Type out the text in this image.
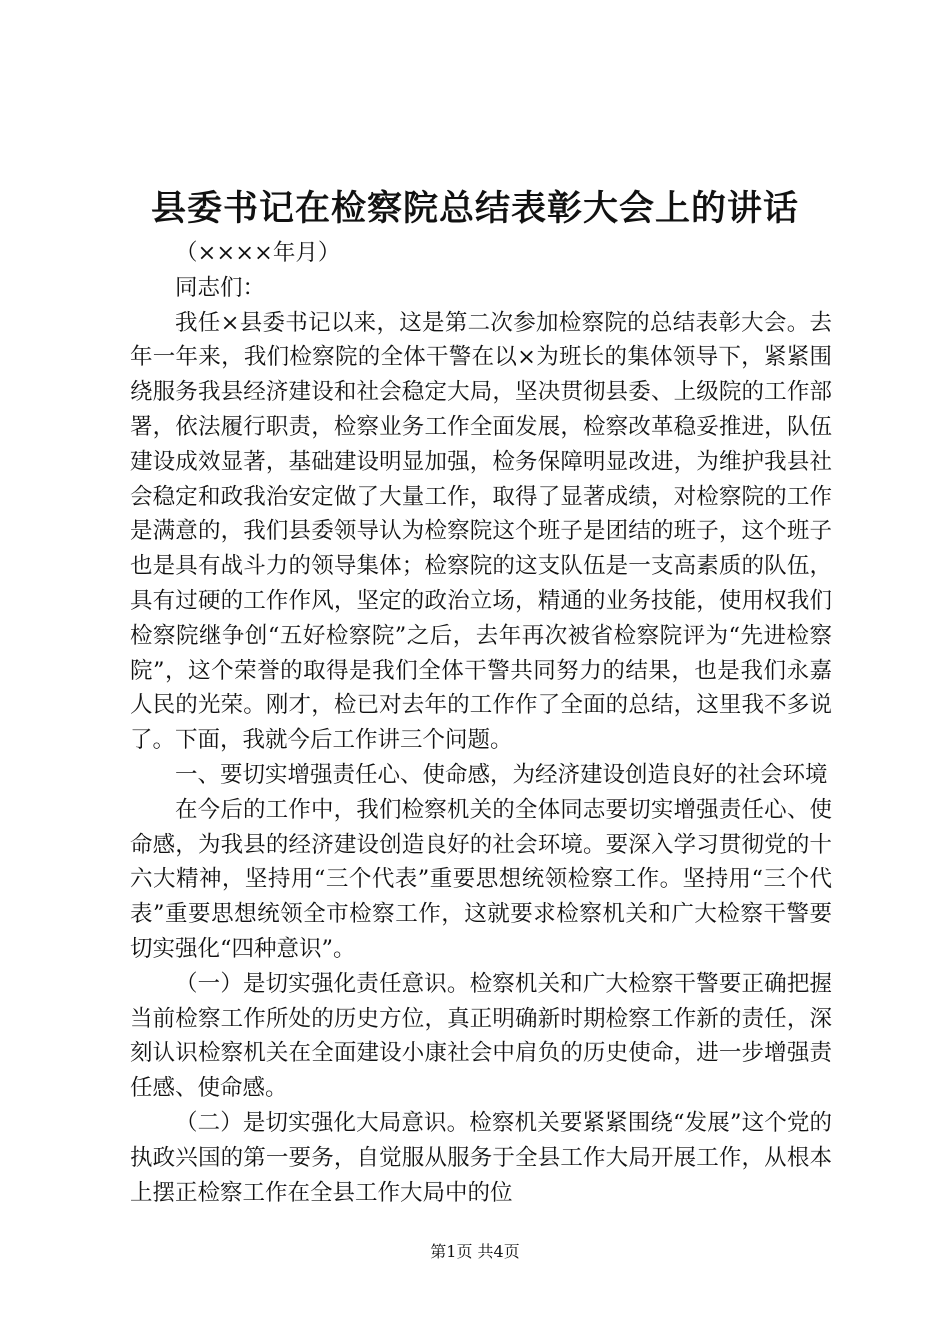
县委书记在检察院总结表彰大会上的讲话

（××××年月）

同志们：

我任×县委书记以来，这是第二次参加检察院的总结表彰大会。去年一年来，我们检察院的全体干警在以×为班长的集体领导下，紧紧围绕服务我县经济建设和社会稳定大局，坚决贯彻县委、上级院的工作部署，依法履行职责，检察业务工作全面发展，检察改革稳妥推进，队伍建设成效显著，基础建设明显加强，检务保障明显改进，为维护我县社会稳定和政我治安定做了大量工作，取得了显著成绩，对检察院的工作是满意的，我们县委领导认为检察院这个班子是团结的班子，这个班子也是具有战斗力的领导集体；检察院的这支队伍是一支高素质的队伍，具有过硬的工作作风，坚定的政治立场，精通的业务技能，使用权我们检察院继争创“五好检察院”之后，去年再次被省检察院评为“先进检察院”，这个荣誉的取得是我们全体干警共同努力的结果，也是我们永嘉人民的光荣。刚才，检已对去年的工作作了全面的总结，这里我不多说了。下面，我就今后工作讲三个问题。

一、要切实增强责任心、使命感，为经济建设创造良好的社会环境

在今后的工作中，我们检察机关的全体同志要切实增强责任心、使命感，为我县的经济建设创造良好的社会环境。要深入学习贯彻党的十六大精神，坚持用“三个代表”重要思想统领检察工作。坚持用“三个代表”重要思想统领全市检察工作，这就要求检察机关和广大检察干警要切实强化“四种意识”。

（一）是切实强化责任意识。检察机关和广大检察干警要正确把握当前检察工作所处的历史方位，真正明确新时期检察工作新的责任，深刻认识检察机关在全面建设小康社会中肩负的历史使命，进一步增强责任感、使命感。

（二）是切实强化大局意识。检察机关要紧紧围绕“发展”这个党的执政兴国的第一要务，自觉服从服务于全县工作大局开展工作，从根本上摆正检察工作在全县工作大局中的位

第1页 共4页
